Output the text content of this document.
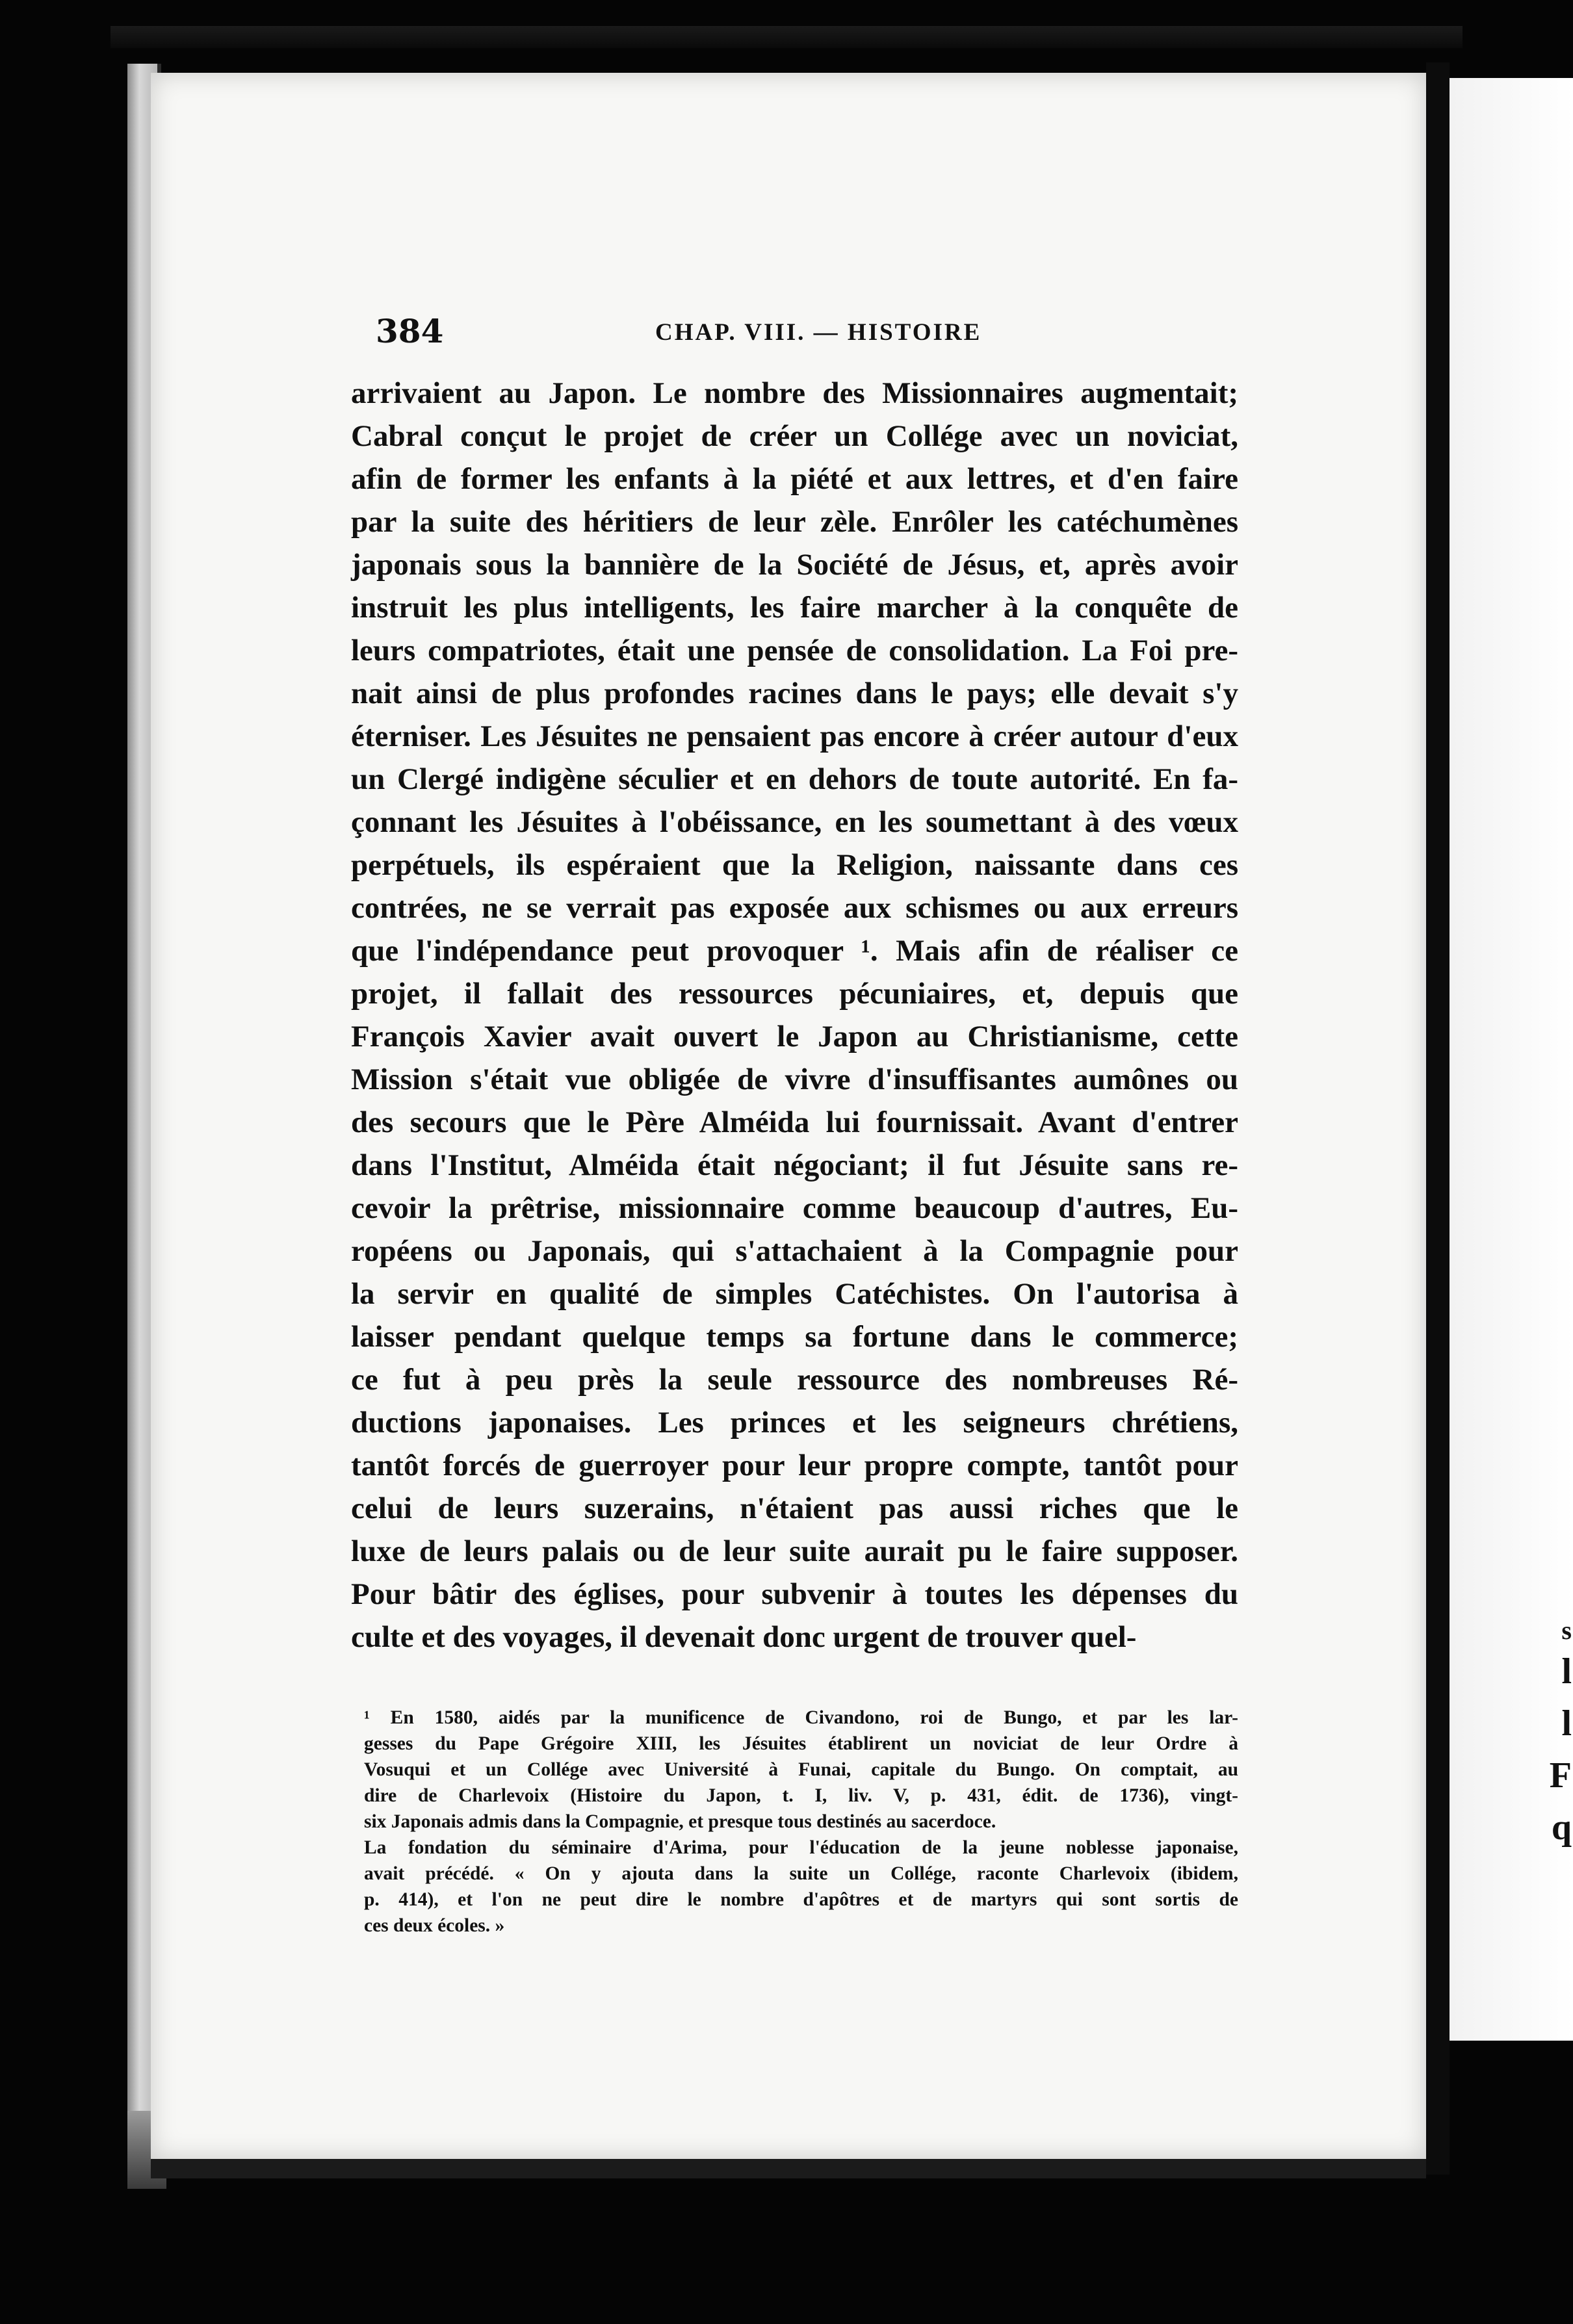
s
l
l
F
q
384	CHAP. VIII. — HISTOIRE
arrivaient au Japon. Le nombre des Missionnaires augmentait;
Cabral conçut le projet de créer un Collége avec un noviciat,
afin de former les enfants à la piété et aux lettres, et d'en faire
par la suite des héritiers de leur zèle. Enrôler les catéchumènes
japonais sous la bannière de la Société de Jésus, et, après avoir
instruit les plus intelligents, les faire marcher à la conquête de
leurs compatriotes, était une pensée de consolidation. La Foi pre-
nait ainsi de plus profondes racines dans le pays; elle devait s'y
éterniser. Les Jésuites ne pensaient pas encore à créer autour d'eux
un Clergé indigène séculier et en dehors de toute autorité. En fa-
çonnant les Jésuites à l'obéissance, en les soumettant à des vœux
perpétuels, ils espéraient que la Religion, naissante dans ces
contrées, ne se verrait pas exposée aux schismes ou aux erreurs
que l'indépendance peut provoquer ¹. Mais afin de réaliser ce
projet, il fallait des ressources pécuniaires, et, depuis que
François Xavier avait ouvert le Japon au Christianisme, cette
Mission s'était vue obligée de vivre d'insuffisantes aumônes ou
des secours que le Père Alméida lui fournissait. Avant d'entrer
dans l'Institut, Alméida était négociant; il fut Jésuite sans re-
cevoir la prêtrise, missionnaire comme beaucoup d'autres, Eu-
ropéens ou Japonais, qui s'attachaient à la Compagnie pour
la servir en qualité de simples Catéchistes. On l'autorisa à
laisser pendant quelque temps sa fortune dans le commerce;
ce fut à peu près la seule ressource des nombreuses Ré-
ductions japonaises. Les princes et les seigneurs chrétiens,
tantôt forcés de guerroyer pour leur propre compte, tantôt pour
celui de leurs suzerains, n'étaient pas aussi riches que le
luxe de leurs palais ou de leur suite aurait pu le faire supposer.
Pour bâtir des églises, pour subvenir à toutes les dépenses du
culte et des voyages, il devenait donc urgent de trouver quel-
¹ En 1580, aidés par la munificence de Civandono, roi de Bungo, et par les lar-
gesses du Pape Grégoire XIII, les Jésuites établirent un noviciat de leur Ordre à
Vosuqui et un Collége avec Université à Funai, capitale du Bungo. On comptait, au
dire de Charlevoix (Histoire du Japon, t. I, liv. V, p. 431, édit. de 1736), vingt-
six Japonais admis dans la Compagnie, et presque tous destinés au sacerdoce.
La fondation du séminaire d'Arima, pour l'éducation de la jeune noblesse japonaise,
avait précédé. « On y ajouta dans la suite un Collége, raconte Charlevoix (ibidem,
p. 414), et l'on ne peut dire le nombre d'apôtres et de martyrs qui sont sortis de
ces deux écoles. »
